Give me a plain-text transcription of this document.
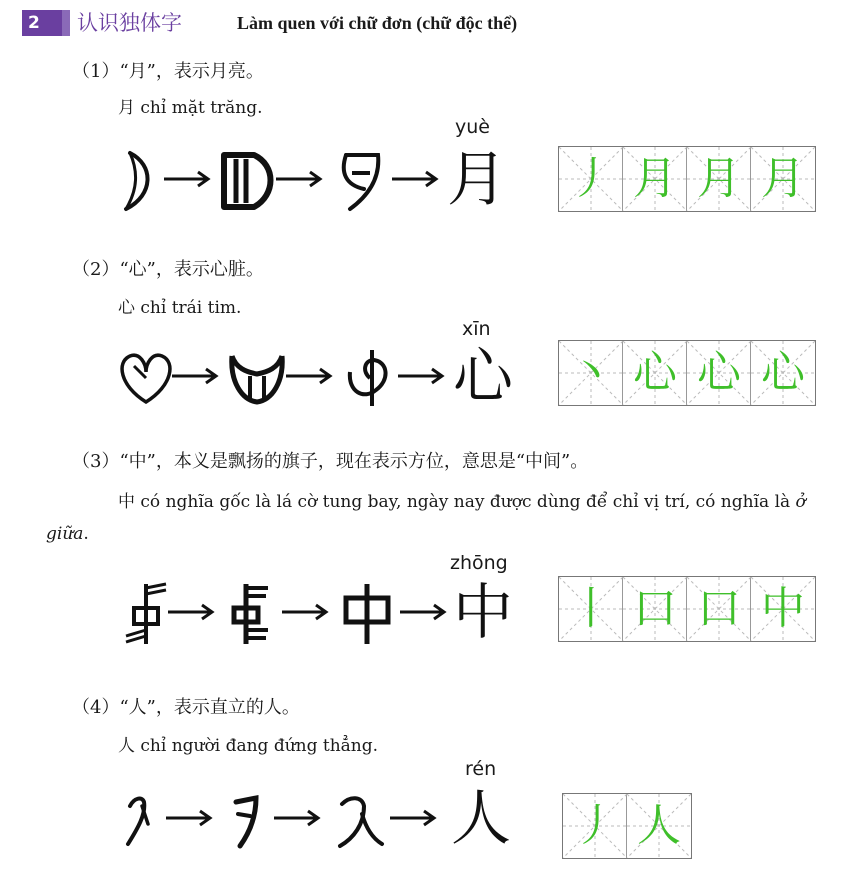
2	认识独体字	Làm quen với chữ đơn (chữ độc thể)
（1）“月”，表示月亮。
月 chỉ mặt trăng.
yuè
月 丿 月 月 月
（2）“心”，表示心脏。
心 chỉ trái tim.
xīn
心 丶 心 心 心
（3）“中”，本义是飘扬的旗子，现在表示方位，意思是“中间”。
中 có nghĩa gốc là lá cờ tung bay, ngày nay được dùng để chỉ vị trí, có nghĩa là ở
giữa.
zhōng
中 丨 口 口 中
（4）“人”，表示直立的人。
人 chỉ người đang đứng thẳng.
rén
人 丿 人
